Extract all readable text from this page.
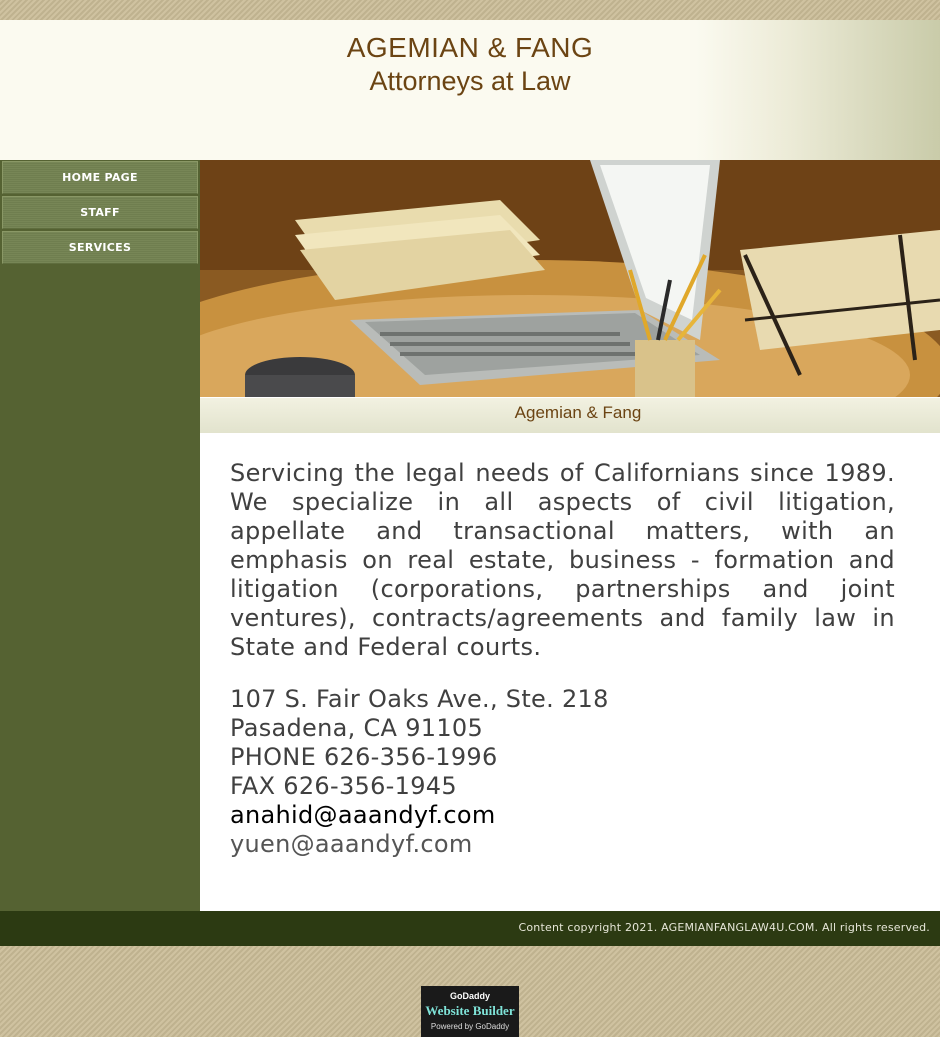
AGEMIAN & FANG
Attorneys at Law
HOME PAGE
STAFF
SERVICES
Agemian & Fang

Servicing the legal needs of Californians since 1989. We specialize in all aspects of civil litigation, appellate and transactional matters, with an emphasis on real estate, business - formation and litigation (corporations, partnerships and joint ventures), contracts/agreements and family law in State and Federal courts.

107 S. Fair Oaks Ave., Ste. 218
Pasadena, CA 91105
PHONE 626-356-1996
FAX 626-356-1945
anahid@aaandyf.com
yuen@aaandyf.com
Content copyright 2021. AGEMIANFANGLAW4U.COM. All rights reserved.
GoDaddy
Website Builder
Powered by GoDaddy
